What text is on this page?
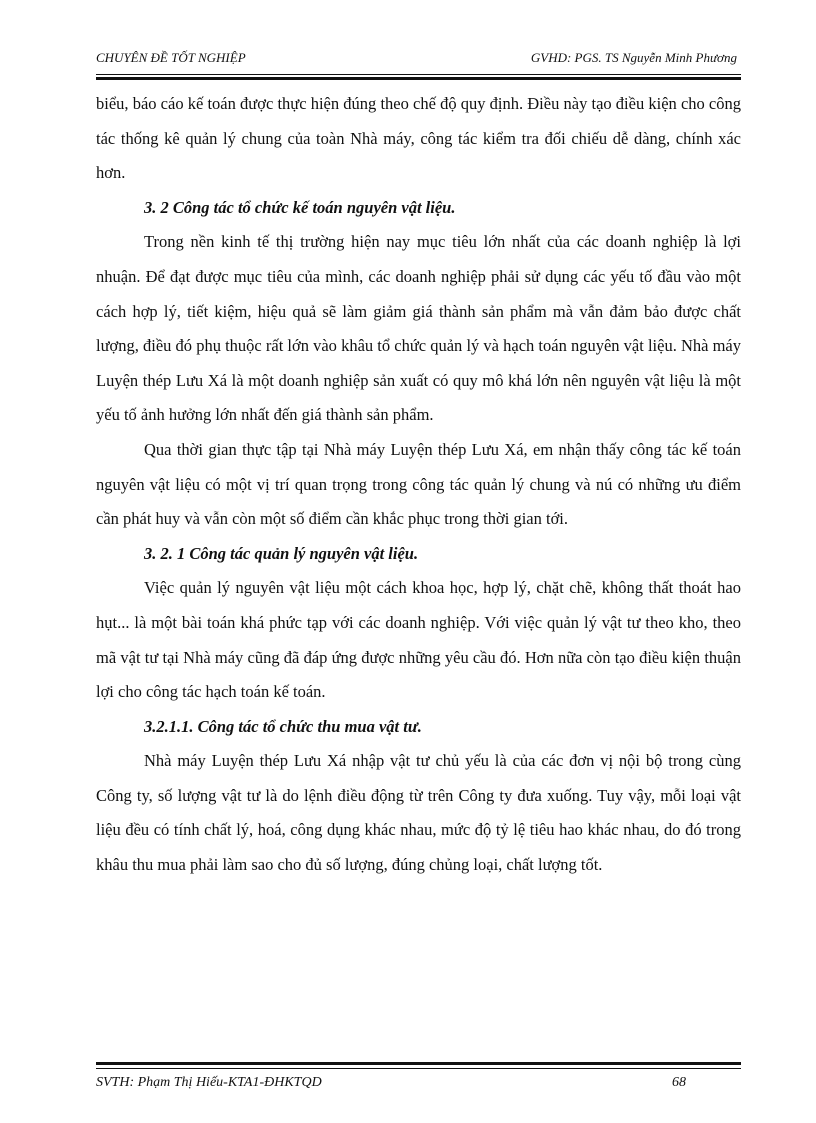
CHUYÊN ĐỀ TỐT NGHIỆP	GVHD: PGS. TS Nguyễn Minh Phương

biểu, báo cáo kế toán được thực hiện đúng theo chế độ quy định. Điều này tạo điều kiện cho công tác thống kê quản lý chung của toàn Nhà máy, công tác kiểm tra đối chiếu dễ dàng, chính xác hơn.

3. 2 Công tác tổ chức kế toán nguyên vật liệu.

Trong nền kinh tế thị trường hiện nay mục tiêu lớn nhất của các doanh nghiệp là lợi nhuận. Để đạt được mục tiêu của mình, các doanh nghiệp phải sử dụng các yếu tố đầu vào một cách hợp lý, tiết kiệm, hiệu quả sẽ làm giảm giá thành sản phẩm mà vẫn đảm bảo được chất lượng, điều đó phụ thuộc rất lớn vào khâu tổ chức quản lý và hạch toán nguyên vật liệu. Nhà máy Luyện thép Lưu Xá là một doanh nghiệp sản xuất có quy mô khá lớn nên nguyên vật liệu là một yếu tố ảnh hưởng lớn nhất đến giá thành sản phẩm.

Qua thời gian thực tập tại Nhà máy Luyện thép Lưu Xá, em nhận thấy công tác kế toán nguyên vật liệu có một vị trí quan trọng trong công tác quản lý chung và nú có những ưu điểm cần phát huy và vẫn còn một số điểm cần khắc phục trong thời gian tới.

3. 2. 1 Công tác quản lý nguyên vật liệu.

Việc quản lý nguyên vật liệu một cách khoa học, hợp lý, chặt chẽ, không thất thoát hao hụt... là một bài toán khá phức tạp với các doanh nghiệp. Với việc quản lý vật tư theo kho, theo mã vật tư tại Nhà máy cũng đã đáp ứng được những yêu cầu đó. Hơn nữa còn tạo điều kiện thuận lợi cho công tác hạch toán kế toán.

3.2.1.1. Công tác tổ chức thu mua vật tư.

Nhà máy Luyện thép Lưu Xá nhập vật tư chủ yếu là của các đơn vị nội bộ trong cùng Công ty, số lượng vật tư là do lệnh điều động từ trên Công ty đưa xuống. Tuy vậy, mỗi loại vật liệu đều có tính chất lý, hoá, công dụng khác nhau, mức độ tỷ lệ tiêu hao khác nhau, do đó trong khâu thu mua phải làm sao cho đủ số lượng, đúng chủng loại, chất lượng tốt.

SVTH: Phạm Thị Hiếu-KTA1-ĐHKTQD	68
